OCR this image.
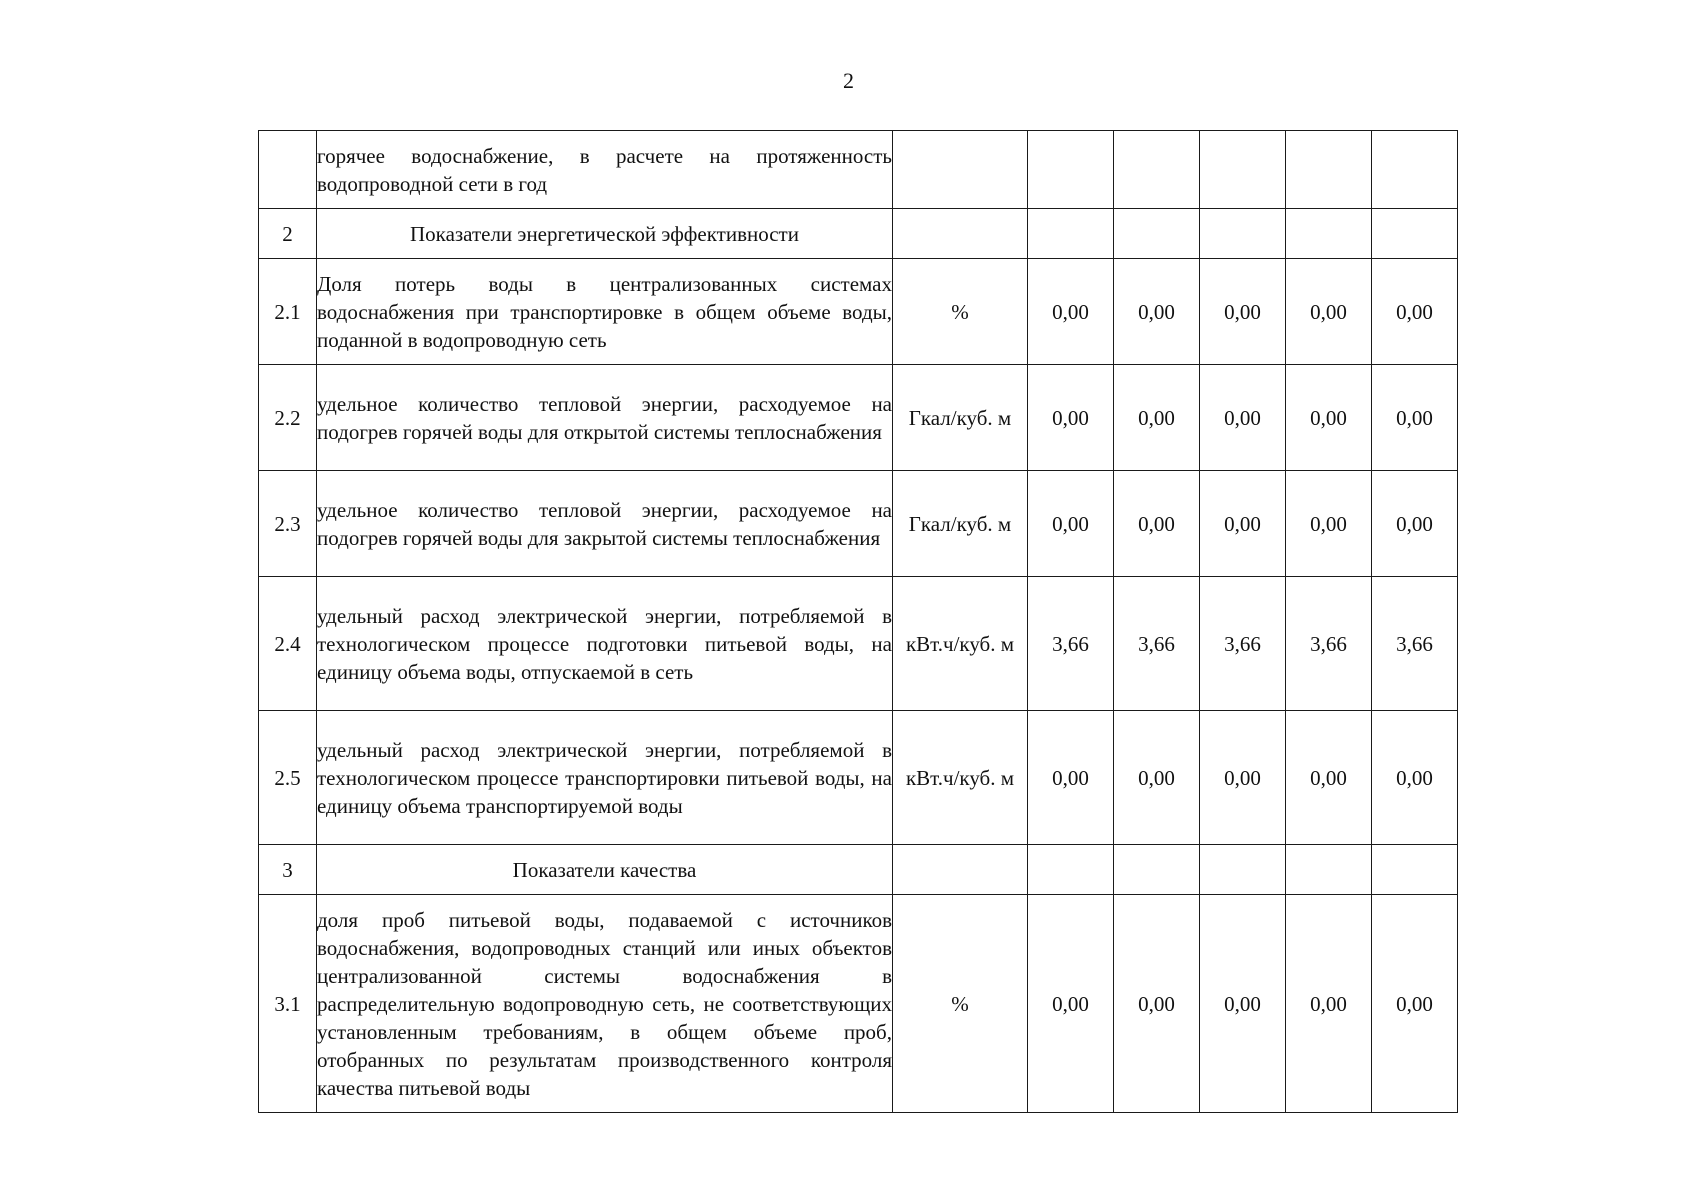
2
	горячее водоснабжение, в расчете на протяженность водопроводной сети в год						
2	Показатели энергетической эффективности						
2.1	Доля потерь воды в централизованных системах водоснабжения при транспортировке в общем объеме воды, поданной в водопроводную сеть	%	0,00	0,00	0,00	0,00	0,00
2.2	удельное количество тепловой энергии, расходуемое на подогрев горячей воды для открытой системы теплоснабжения	Гкал/куб. м	0,00	0,00	0,00	0,00	0,00
2.3	удельное количество тепловой энергии, расходуемое на подогрев горячей воды для закрытой системы теплоснабжения	Гкал/куб. м	0,00	0,00	0,00	0,00	0,00
2.4	удельный расход электрической энергии, потребляемой в технологическом процессе подготовки питьевой воды, на единицу объема воды, отпускаемой в сеть	кВт.ч/куб. м	3,66	3,66	3,66	3,66	3,66
2.5	удельный расход электрической энергии, потребляемой в технологическом процессе транспортировки питьевой воды, на единицу объема транспортируемой воды	кВт.ч/куб. м	0,00	0,00	0,00	0,00	0,00
3	Показатели качества						
3.1	доля проб питьевой воды, подаваемой с источников водоснабжения, водопроводных станций или иных объектов централизованной системы водоснабжения в распределительную водопроводную сеть, не соответствующих установленным требованиям, в общем объеме проб, отобранных по результатам производственного контроля качества питьевой воды	%	0,00	0,00	0,00	0,00	0,00
